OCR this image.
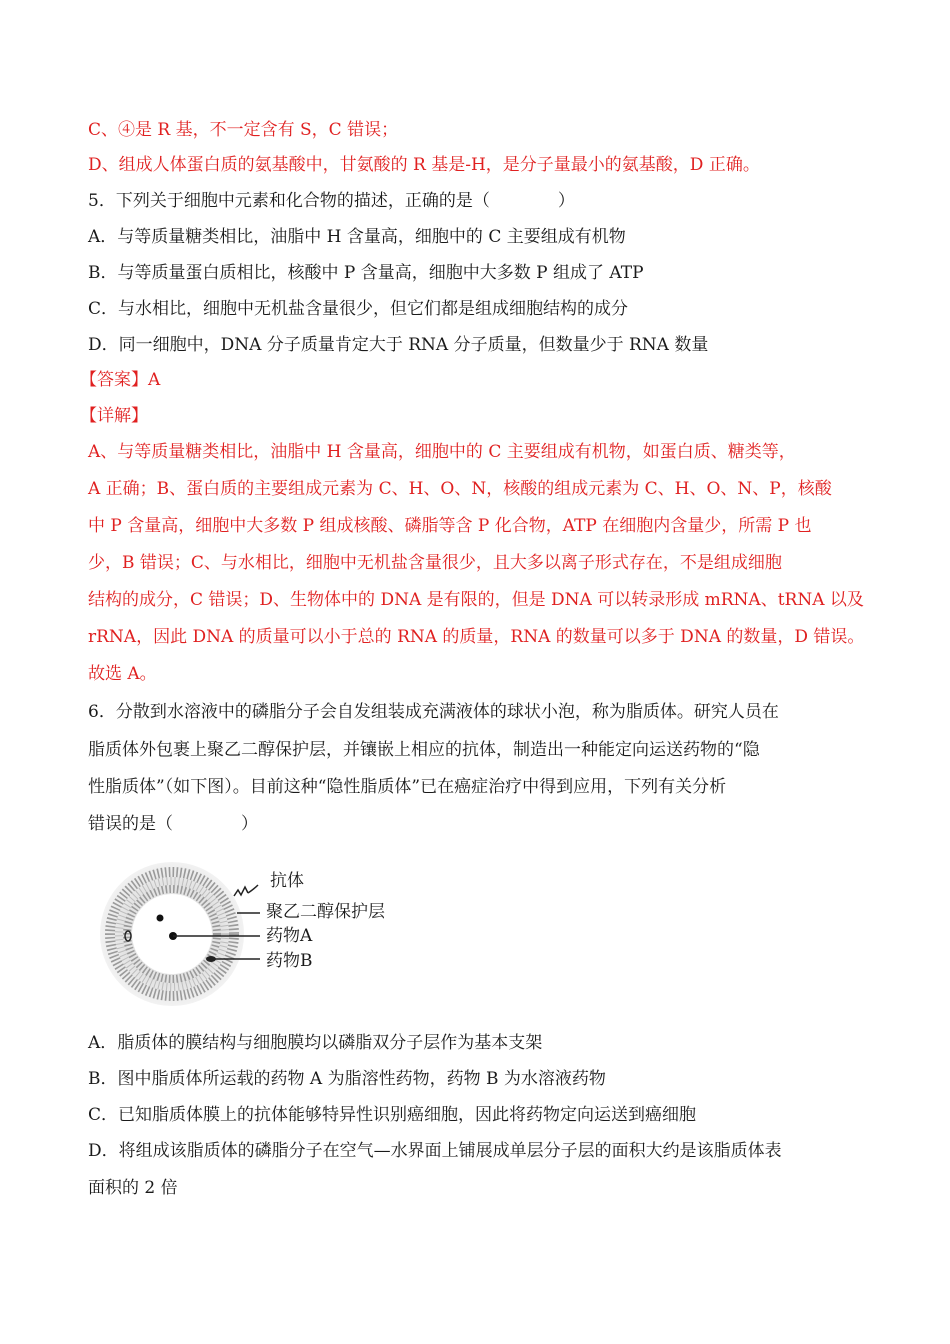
C、④是 R 基，不一定含有 S，C 错误；
D、组成人体蛋白质的氨基酸中，甘氨酸的 R 基是-H，是分子量最小的氨基酸，D 正确。
5．下列关于细胞中元素和化合物的描述，正确的是（　　　　）
A．与等质量糖类相比，油脂中 H 含量高，细胞中的 C 主要组成有机物
B．与等质量蛋白质相比，核酸中 P 含量高，细胞中大多数 P 组成了 ATP
C．与水相比，细胞中无机盐含量很少，但它们都是组成细胞结构的成分
D．同一细胞中，DNA 分子质量肯定大于 RNA 分子质量，但数量少于 RNA 数量
【答案】A
【详解】
A、与等质量糖类相比，油脂中 H 含量高，细胞中的 C 主要组成有机物，如蛋白质、糖类等，
A 正确；B、蛋白质的主要组成元素为 C、H、O、N，核酸的组成元素为 C、H、O、N、P，核酸
中 P 含量高，细胞中大多数 P 组成核酸、磷脂等含 P 化合物，ATP 在细胞内含量少，所需 P 也
少，B 错误；C、与水相比，细胞中无机盐含量很少，且大多以离子形式存在，不是组成细胞
结构的成分，C 错误；D、生物体中的 DNA 是有限的，但是 DNA 可以转录形成 mRNA、tRNA 以及
rRNA，因此 DNA 的质量可以小于总的 RNA 的质量，RNA 的数量可以多于 DNA 的数量，D 错误。
故选 A。
6．分散到水溶液中的磷脂分子会自发组装成充满液体的球状小泡，称为脂质体。研究人员在
脂质体外包裹上聚乙二醇保护层，并镶嵌上相应的抗体，制造出一种能定向运送药物的“隐
性脂质体”（如下图）。目前这种“隐性脂质体”已在癌症治疗中得到应用，下列有关分析
错误的是（　　　　）
抗体
聚乙二醇保护层
药物A
药物B
A．脂质体的膜结构与细胞膜均以磷脂双分子层作为基本支架
B．图中脂质体所运载的药物 A 为脂溶性药物，药物 B 为水溶液药物
C．已知脂质体膜上的抗体能够特异性识别癌细胞，因此将药物定向运送到癌细胞
D．将组成该脂质体的磷脂分子在空气—水界面上铺展成单层分子层的面积大约是该脂质体表
面积的 2 倍
